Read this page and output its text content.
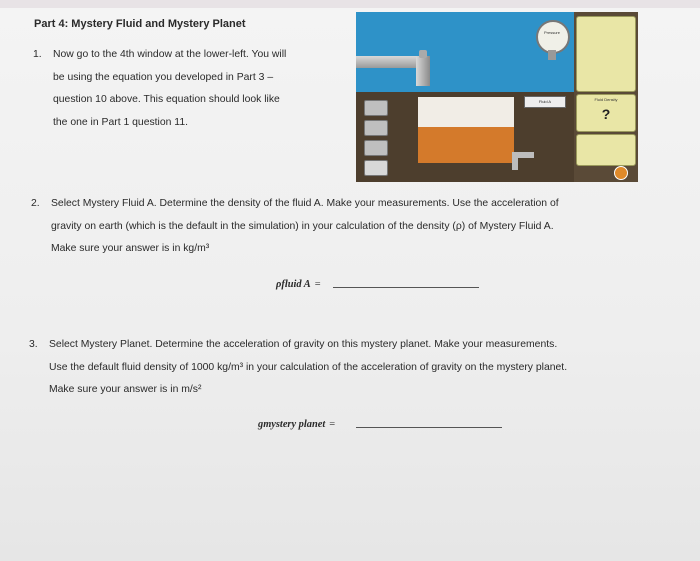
Part 4: Mystery Fluid and Mystery Planet
1. Now go to the 4th window at the lower-left. You will
be using the equation you developed in Part 3 –
question 10 above. This equation should look like
the one in Part 1 question 11.
Pressure
Fluid A	Fluid Density
?
2. Select Mystery Fluid A. Determine the density of the fluid A. Make your measurements. Use the acceleration of
gravity on earth (which is the default in the simulation) in your calculation of the density (ρ) of Mystery Fluid A.
Make sure your answer is in kg/m³
ρfluid A =
3. Select Mystery Planet. Determine the acceleration of gravity on this mystery planet. Make your measurements.
Use the default fluid density of 1000 kg/m³ in your calculation of the acceleration of gravity on the mystery planet.
Make sure your answer is in m/s²
gmystery planet =
